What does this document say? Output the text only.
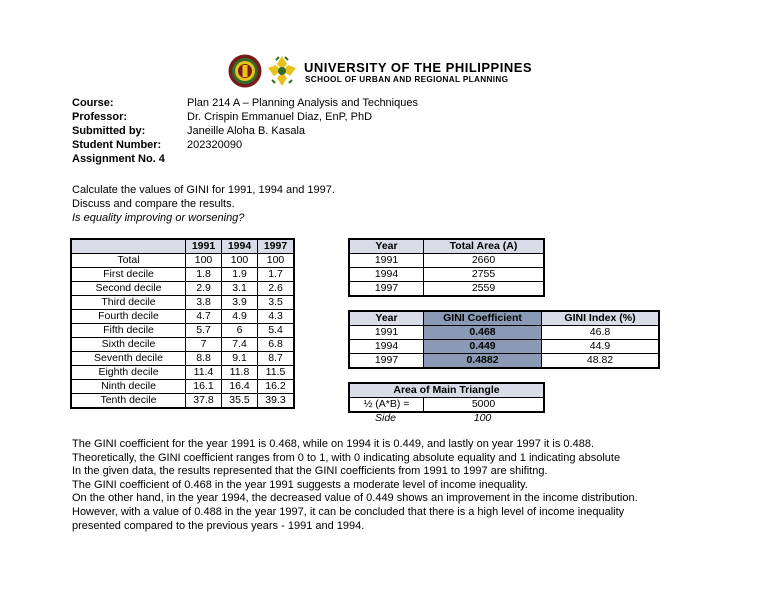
UNIVERSITY OF THE PHILIPPINES
SCHOOL OF URBAN AND REGIONAL PLANNING
Course:	Plan 214 A – Planning Analysis and Techniques
Professor:	Dr. Crispin Emmanuel Diaz, EnP, PhD
Submitted by:	Janeille Aloha B. Kasala
Student Number:	202320090
Assignment No. 4
Calculate the values of GINI for 1991, 1994 and 1997.
Discuss and compare the results.
Is equality improving or worsening?
	1991	1994	1997
Total	100	100	100
First decile	1.8	1.9	1.7
Second decile	2.9	3.1	2.6
Third decile	3.8	3.9	3.5
Fourth decile	4.7	4.9	4.3
Fifth decile	5.7	6	5.4
Sixth decile	7	7.4	6.8
Seventh decile	8.8	9.1	8.7
Eighth decile	11.4	11.8	11.5
Ninth decile	16.1	16.4	16.2
Tenth decile	37.8	35.5	39.3
Year	Total Area (A)
1991	2660
1994	2755
1997	2559
Year	GINI Coefficient	GINI Index (%)
1991	0.468	46.8
1994	0.449	44.9
1997	0.4882	48.82
Area of Main Triangle
½ (A*B) =	5000
Side	100
The GINI coefficient for the year 1991 is 0.468, while on 1994 it is 0.449, and lastly on year 1997 it is 0.488.
Theoretically, the GINI coefficient ranges from 0 to 1, with 0 indicating absolute equality and 1 indicating absolute
In the given data, the results represented that the GINI coefficients from 1991 to 1997 are shifitng.
The GINI coefficient of 0.468 in the year 1991 suggests a moderate level of income inequality.
On the other hand, in the year 1994, the decreased value of 0.449 shows an improvement in the income distribution.
However, with a value of 0.488 in the year 1997, it can be concluded that there is a high level of income inequality
presented compared to the previous years - 1991 and 1994.
